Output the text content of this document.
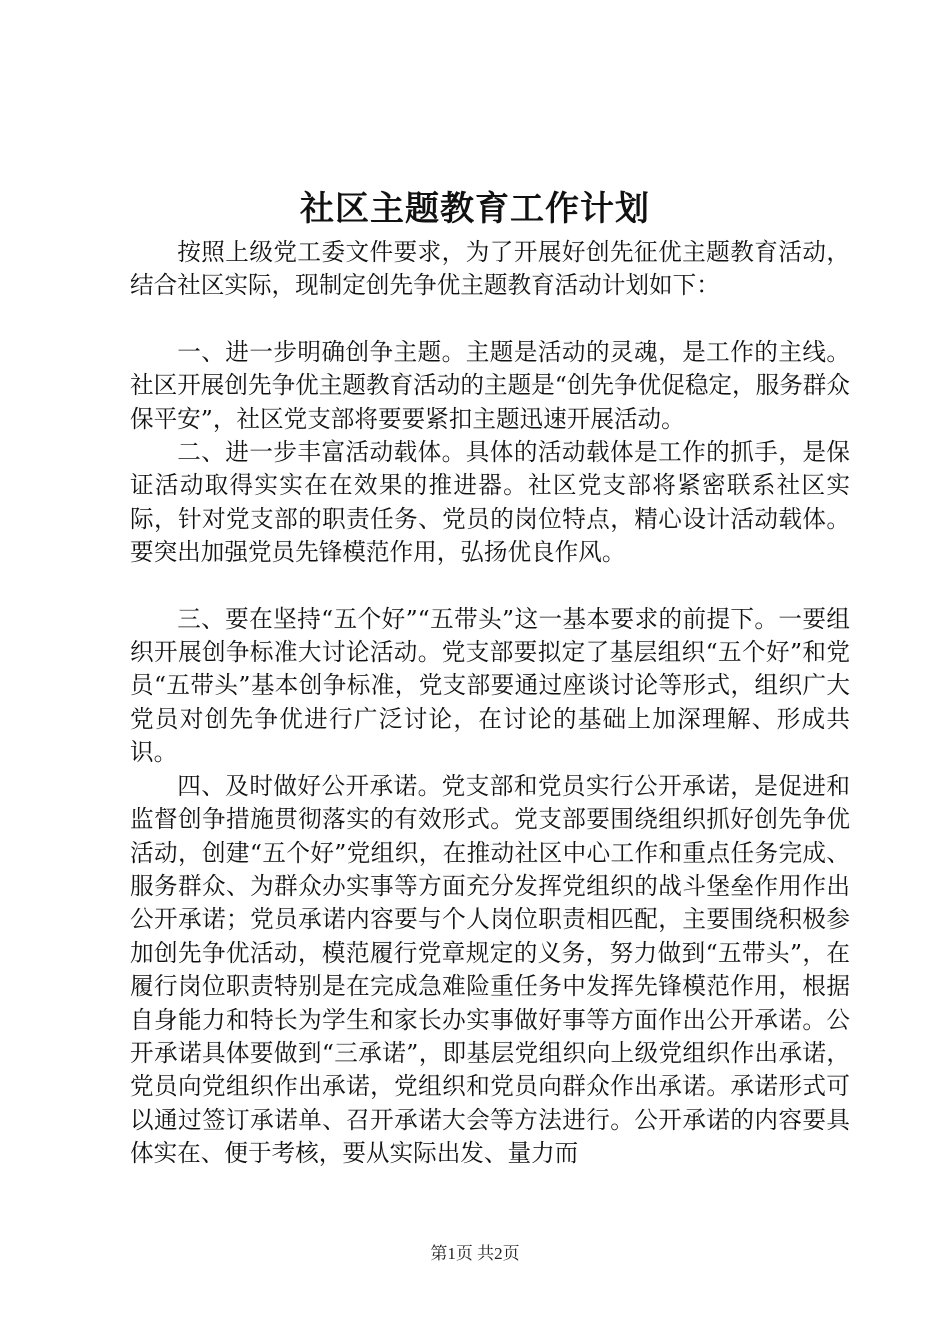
社区主题教育工作计划

按照上级党工委文件要求，为了开展好创先征优主题教育活动，结合社区实际，现制定创先争优主题教育活动计划如下：

一、进一步明确创争主题。主题是活动的灵魂，是工作的主线。社区开展创先争优主题教育活动的主题是“创先争优促稳定，服务群众保平安”，社区党支部将要要紧扣主题迅速开展活动。

二、进一步丰富活动载体。具体的活动载体是工作的抓手，是保证活动取得实实在在效果的推进器。社区党支部将紧密联系社区实际，针对党支部的职责任务、党员的岗位特点，精心设计活动载体。要突出加强党员先锋模范作用，弘扬优良作风。

三、要在坚持“五个好”“五带头”这一基本要求的前提下。一要组织开展创争标准大讨论活动。党支部要拟定了基层组织“五个好”和党员“五带头”基本创争标准，党支部要通过座谈讨论等形式，组织广大党员对创先争优进行广泛讨论，在讨论的基础上加深理解、形成共识。

四、及时做好公开承诺。党支部和党员实行公开承诺，是促进和监督创争措施贯彻落实的有效形式。党支部要围绕组织抓好创先争优活动，创建“五个好”党组织，在推动社区中心工作和重点任务完成、服务群众、为群众办实事等方面充分发挥党组织的战斗堡垒作用作出公开承诺；党员承诺内容要与个人岗位职责相匹配，主要围绕积极参加创先争优活动，模范履行党章规定的义务，努力做到“五带头”，在履行岗位职责特别是在完成急难险重任务中发挥先锋模范作用，根据自身能力和特长为学生和家长办实事做好事等方面作出公开承诺。公开承诺具体要做到“三承诺”，即基层党组织向上级党组织作出承诺，党员向党组织作出承诺，党组织和党员向群众作出承诺。承诺形式可以通过签订承诺单、召开承诺大会等方法进行。公开承诺的内容要具体实在、便于考核，要从实际出发、量力而

第1页 共2页
